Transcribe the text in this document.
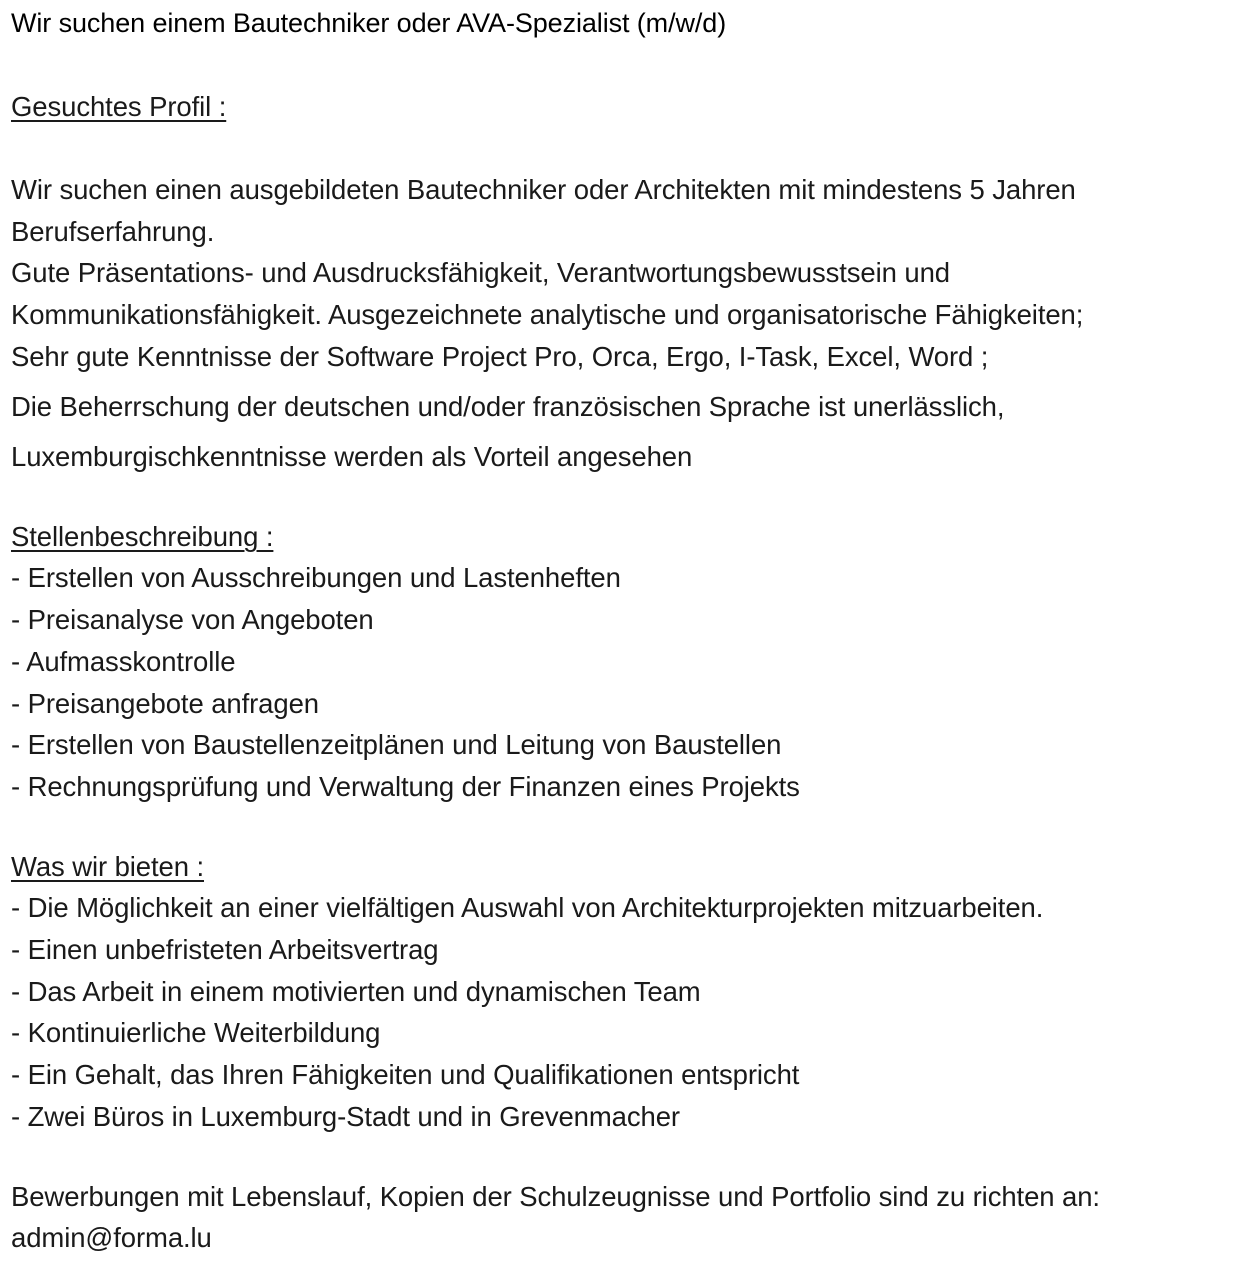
Wir suchen einem Bautechniker oder AVA-Spezialist (m/w/d)
Gesuchtes Profil :
Wir suchen einen ausgebildeten Bautechniker oder Architekten mit mindestens 5 Jahren
Berufserfahrung.
Gute Präsentations- und Ausdrucksfähigkeit, Verantwortungsbewusstsein und
Kommunikationsfähigkeit. Ausgezeichnete analytische und organisatorische Fähigkeiten;
Sehr gute Kenntnisse der Software Project Pro, Orca, Ergo, I-Task, Excel, Word ;
Die Beherrschung der deutschen und/oder französischen Sprache ist unerlässlich,
Luxemburgischkenntnisse werden als Vorteil angesehen
Stellenbeschreibung :
- Erstellen von Ausschreibungen und Lastenheften
- Preisanalyse von Angeboten
- Aufmasskontrolle
- Preisangebote anfragen
- Erstellen von Baustellenzeitplänen und Leitung von Baustellen
- Rechnungsprüfung und Verwaltung der Finanzen eines Projekts
Was wir bieten :
- Die Möglichkeit an einer vielfältigen Auswahl von Architekturprojekten mitzuarbeiten.
- Einen unbefristeten Arbeitsvertrag
- Das Arbeit in einem motivierten und dynamischen Team
- Kontinuierliche Weiterbildung
- Ein Gehalt, das Ihren Fähigkeiten und Qualifikationen entspricht
- Zwei Büros in Luxemburg-Stadt und in Grevenmacher
Bewerbungen mit Lebenslauf, Kopien der Schulzeugnisse und Portfolio sind zu richten an:
admin@forma.lu
